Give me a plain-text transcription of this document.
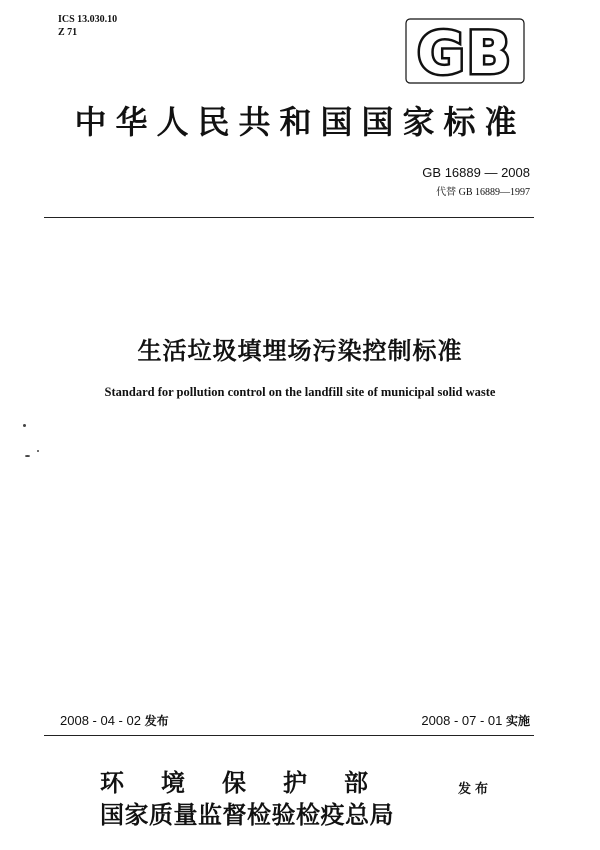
ICS 13.030.10
Z 71	GB
中华人民共和国国家标准
GB 16889 — 2008
代替 GB 16889—1997
生活垃圾填埋场污染控制标准
Standard for pollution control on the landfill site of municipal solid waste
2008 - 04 - 02 发布	2008 - 07 - 01 实施
环境保护部
国家质量监督检验检疫总局
发布
